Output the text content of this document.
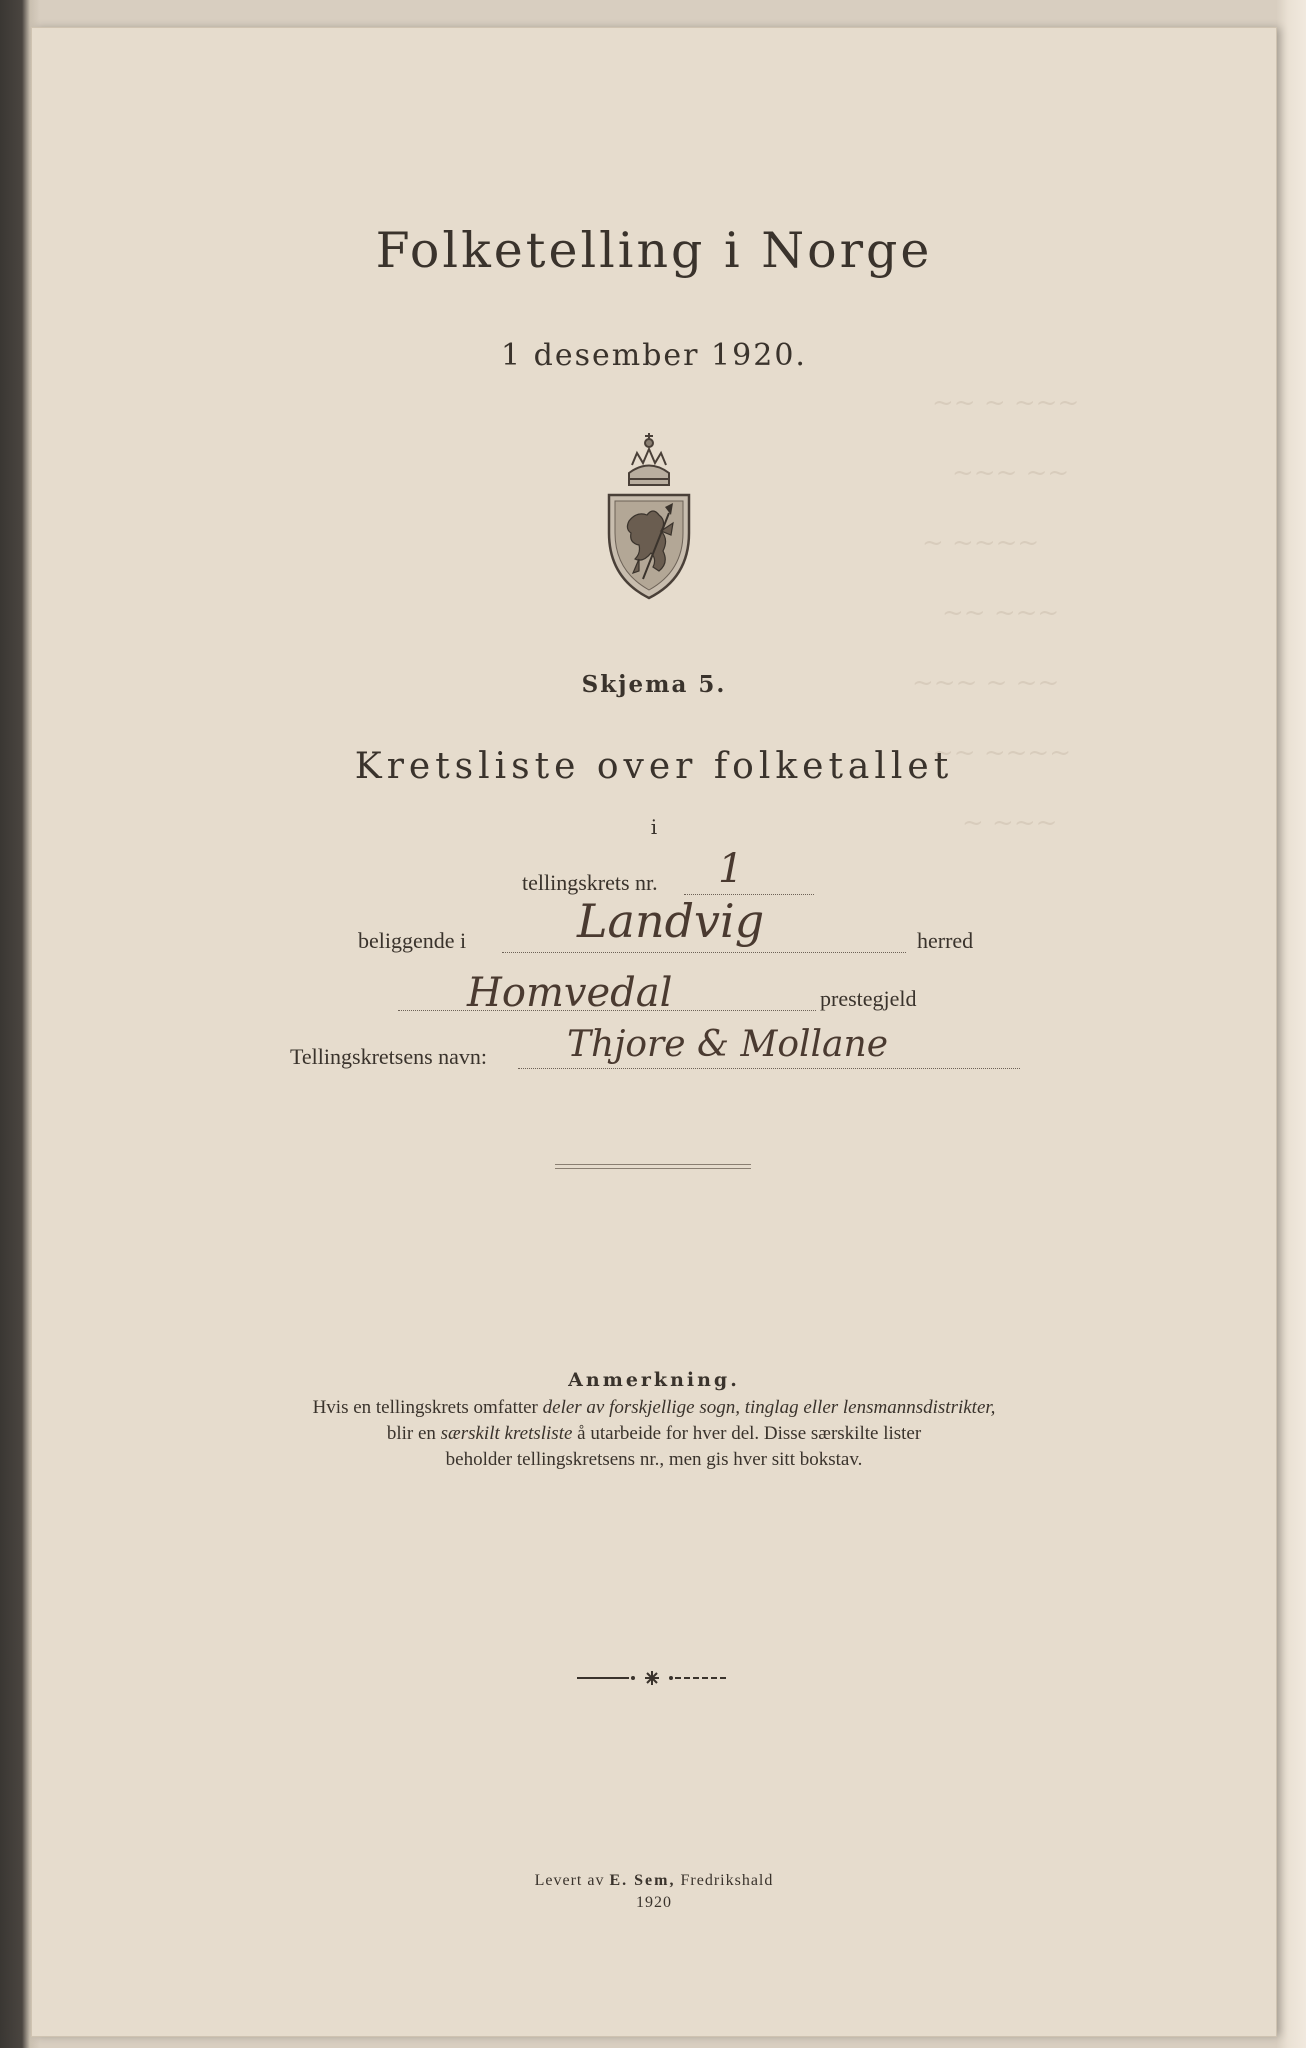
~~ ~ ~~~
~~~ ~~
~ ~~~~
~~ ~~~
~~~ ~ ~~
~~ ~~~~
~ ~~~
Folketelling i Norge
1 desember 1920.
Skjema 5.
Kretsliste over folketallet
i
tellingskrets nr. 1
beliggende i Landvig	herred
Homvedal	prestegjeld
Tellingskretsens navn: Thjore & Mollane
Anmerkning.
Hvis en tellingskrets omfatter deler av forskjellige sogn, tinglag eller lensmannsdistrikter,
blir en særskilt kretsliste å utarbeide for hver del. Disse særskilte lister
beholder tellingskretsens nr., men gis hver sitt bokstav.
Levert av E. Sem, Fredrikshald
1920
